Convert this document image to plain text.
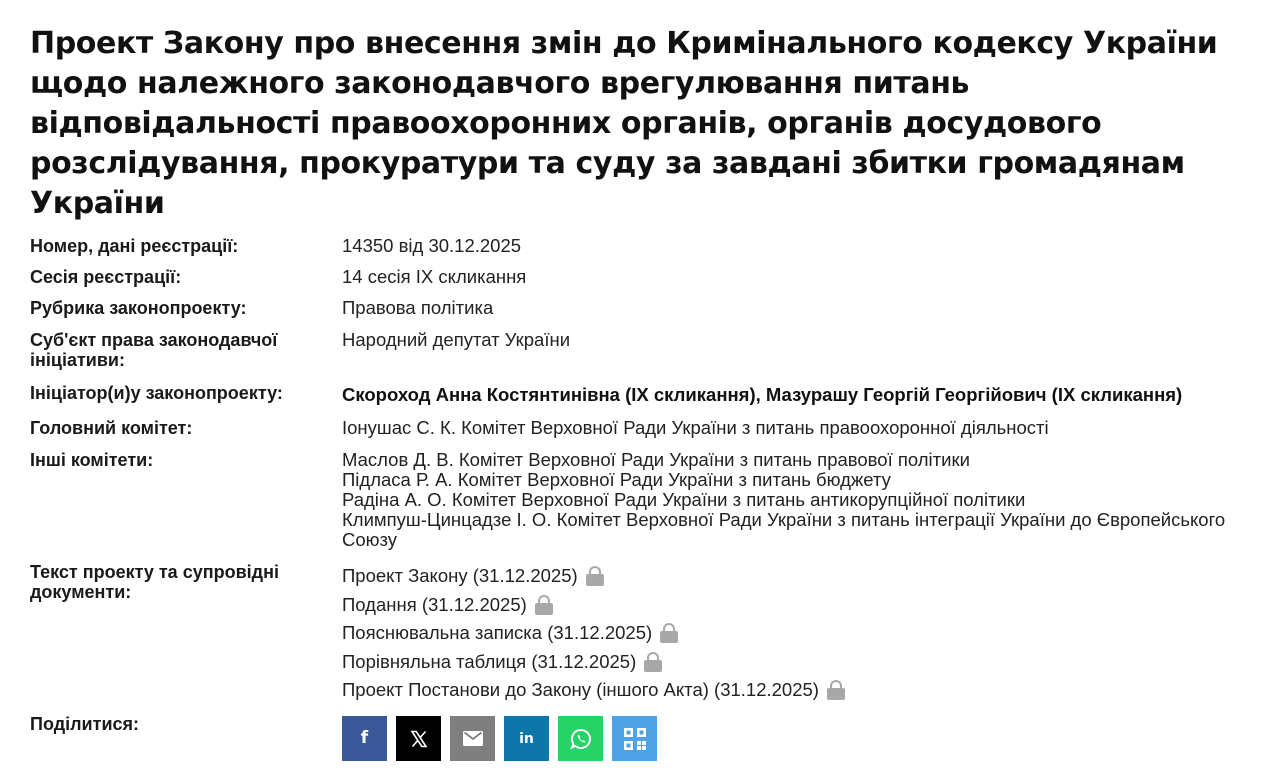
Проект Закону про внесення змін до Кримінального кодексу України щодо належного законодавчого врегулювання питань відповідальності правоохоронних органів, органів досудового розслідування, прокуратури та суду за завдані збитки громадянам України
Номер, дані реєстрації:	14350 від 30.12.2025
Сесія реєстрації:	14 сесія IX скликання
Рубрика законопроекту:	Правова політика
Суб'єкт права законодавчої ініціативи:
Народний депутат України
Ініціатор(и)у законопроекту:	Скороход Анна Костянтинівна (IX скликання), Мазурашу Георгій Георгійович (IX скликання)
Головний комітет:	Іонушас С. К. Комітет Верховної Ради України з питань правоохоронної діяльності
Інші комітети:	Маслов Д. В. Комітет Верховної Ради України з питань правової політики
Підласа Р. А. Комітет Верховної Ради України з питань бюджету
Радіна А. О. Комітет Верховної Ради України з питань антикорупційної політики
Климпуш-Цинцадзе І. О. Комітет Верховної Ради України з питань інтеграції України до Європейського Союзу
Текст проекту та супровідні документи:
Проект Закону (31.12.2025)
Подання (31.12.2025)
Пояснювальна записка (31.12.2025)
Порівняльна таблиця (31.12.2025)
Проект Постанови до Закону (іншого Акта) (31.12.2025)
Поділитися:
f	in
